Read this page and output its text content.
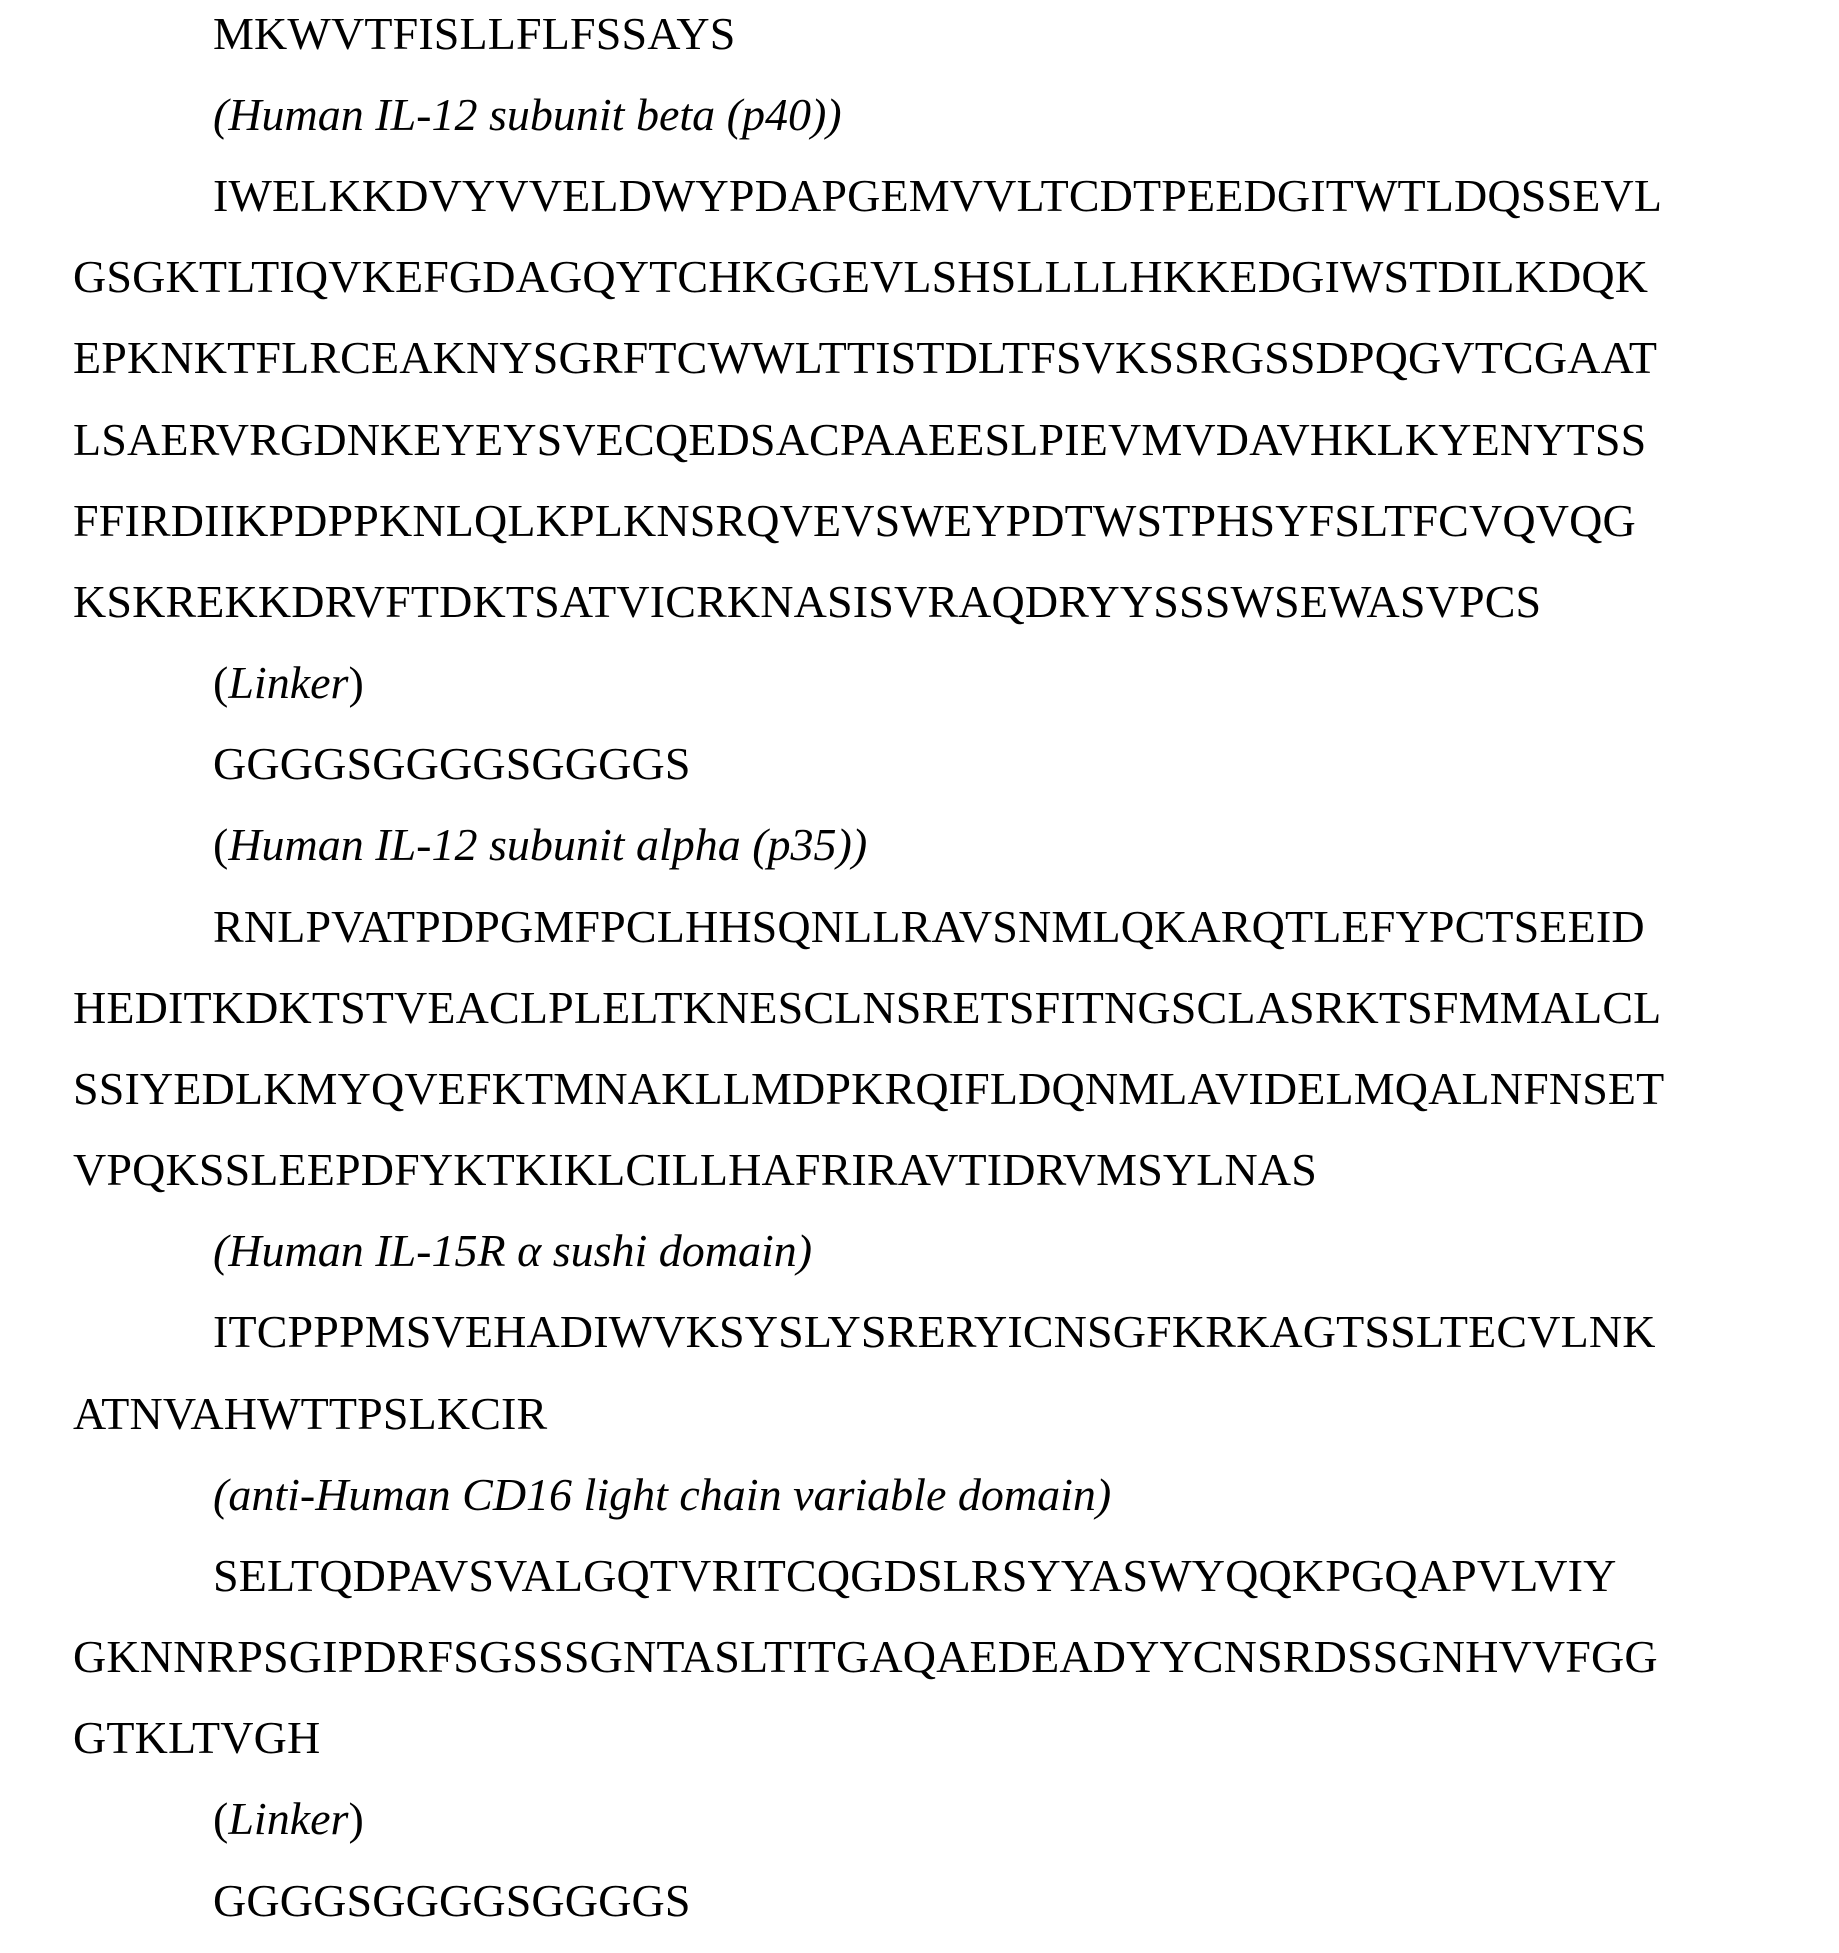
MKWVTFISLLFLFSSAYS
(Human IL-12 subunit beta (p40))
IWELKKDVYVVELDWYPDAPGEMVVLTCDTPEEDGITWTLDQSSEVL
GSGKTLTIQVKEFGDAGQYTCHKGGEVLSHSLLLLHKKEDGIWSTDILKDQK
EPKNKTFLRCEAKNYSGRFTCWWLTTISTDLTFSVKSSRGSSDPQGVTCGAAT
LSAERVRGDNKEYEYSVECQEDSACPAAEESLPIEVMVDAVHKLKYENYTSS
FFIRDIIKPDPPKNLQLKPLKNSRQVEVSWEYPDTWSTPHSYFSLTFCVQVQG
KSKREKKDRVFTDKTSATVICRKNASISVRAQDRYYSSSWSEWASVPCS
(Linker)
GGGGSGGGGSGGGGS
(Human IL-12 subunit alpha (p35))
RNLPVATPDPGMFPCLHHSQNLLRAVSNMLQKARQTLEFYPCTSEEID
HEDITKDKTSTVEACLPLELTKNESCLNSRETSFITNGSCLASRKTSFMMALCL
SSIYEDLKMYQVEFKTMNAKLLMDPKRQIFLDQNMLAVIDELMQALNFNSET
VPQKSSLEEPDFYKTKIKLCILLHAFRIRAVTIDRVMSYLNAS
(Human IL-15R α sushi domain)
ITCPPPMSVEHADIWVKSYSLYSRERYICNSGFKRKAGTSSLTECVLNK
ATNVAHWTTPSLKCIR
(anti-Human CD16 light chain variable domain)
SELTQDPAVSVALGQTVRITCQGDSLRSYYASWYQQKPGQAPVLVIY
GKNNRPSGIPDRFSGSSSGNTASLTITGAQAEDEADYYCNSRDSSGNHVVFGG
GTKLTVGH
(Linker)
GGGGSGGGGSGGGGS
